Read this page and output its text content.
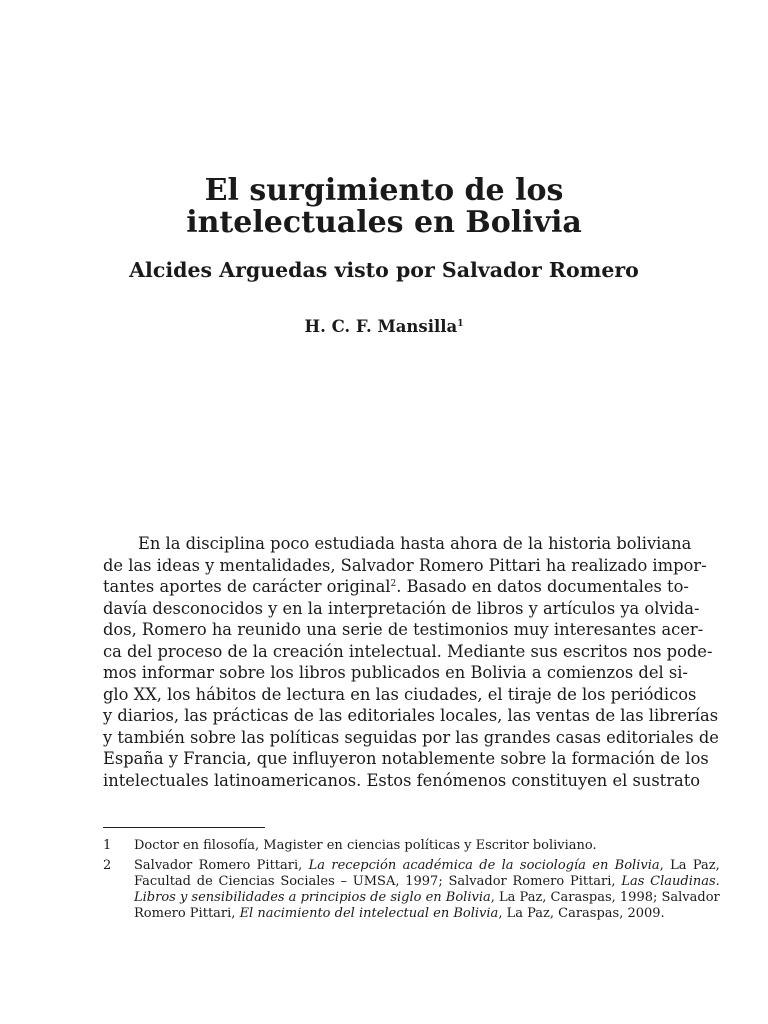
El surgimiento de los
intelectuales en Bolivia
Alcides Arguedas visto por Salvador Romero

H. C. F. Mansilla$^1$

En la disciplina poco estudiada hasta ahora de la historia boliviana
de las ideas y mentalidades, Salvador Romero Pittari ha realizado impor-
tantes aportes de carácter original$^2$. Basado en datos documentales to-
davía desconocidos y en la interpretación de libros y artículos ya olvida-
dos, Romero ha reunido una serie de testimonios muy interesantes acer-
ca del proceso de la creación intelectual. Mediante sus escritos nos pode-
mos informar sobre los libros publicados en Bolivia a comienzos del si-
glo XX, los hábitos de lectura en las ciudades, el tiraje de los periódicos
y diarios, las prácticas de las editoriales locales, las ventas de las librerías
y también sobre las políticas seguidas por las grandes casas editoriales de
España y Francia, que influyeron notablemente sobre la formación de los
intelectuales latinoamericanos. Estos fenómenos constituyen el sustrato

1	Doctor en filosofía, Magister en ciencias políticas y Escritor boliviano.
2	Salvador Romero Pittari, La recepción académica de la sociología en Bolivia, La Paz,
Facultad de Ciencias Sociales – UMSA, 1997; Salvador Romero Pittari, Las Claudinas.
Libros y sensibilidades a principios de siglo en Bolivia, La Paz, Caraspas, 1998; Salvador
Romero Pittari, El nacimiento del intelectual en Bolivia, La Paz, Caraspas, 2009.
